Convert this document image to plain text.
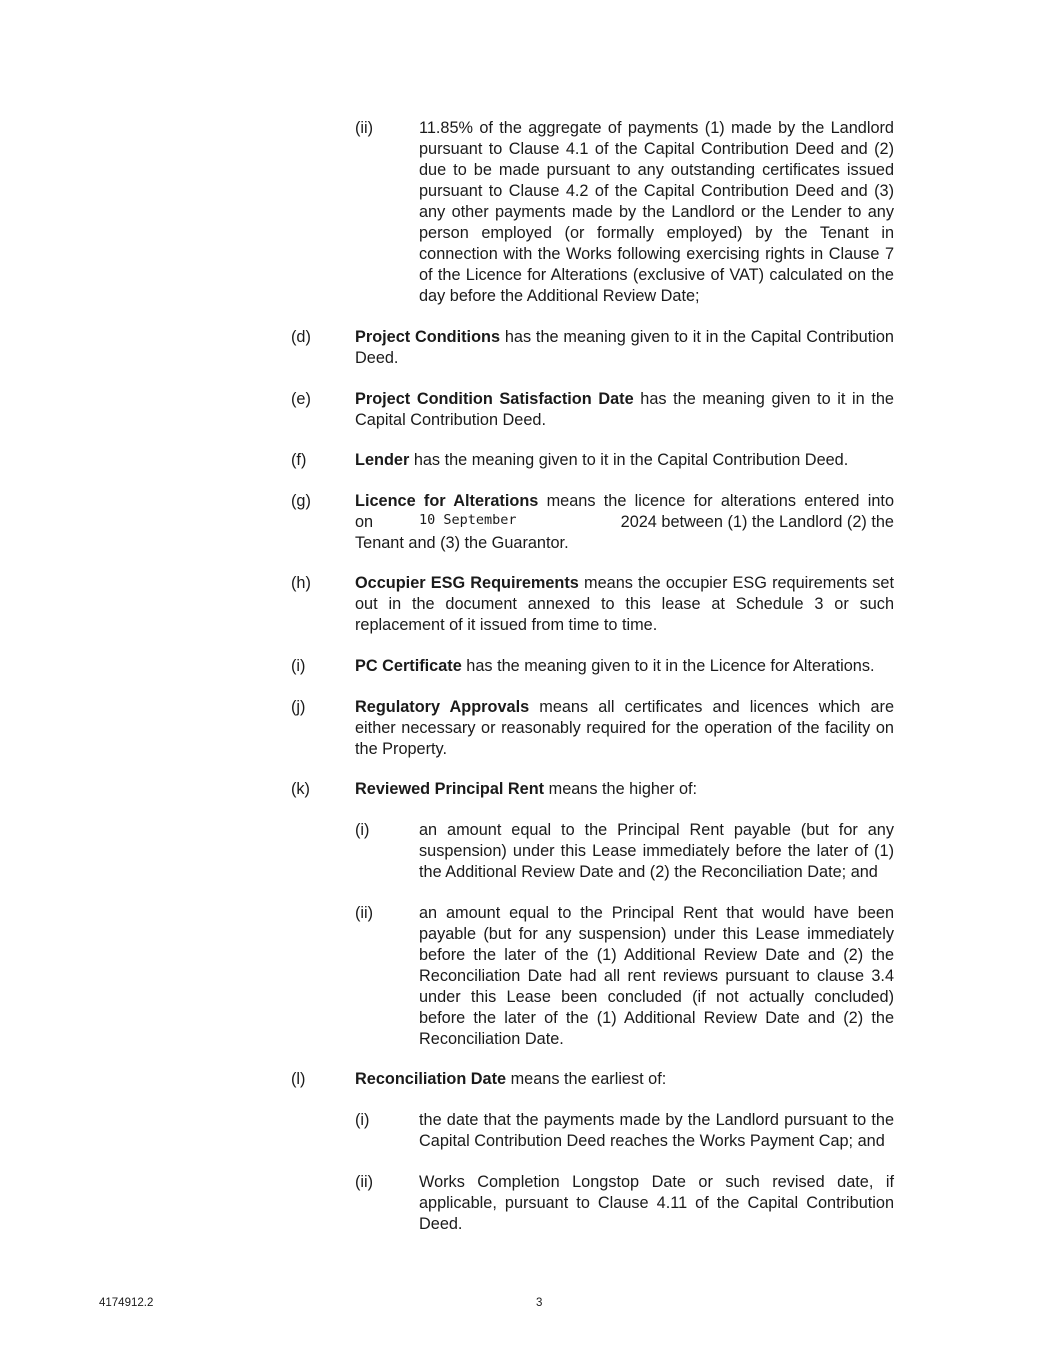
(ii)	11.85% of the aggregate of payments (1) made by the Landlord pursuant to Clause 4.1 of the Capital Contribution Deed and (2) due to be made pursuant to any outstanding certificates issued pursuant to Clause 4.2 of the Capital Contribution Deed and (3) any other payments made by the Landlord or the Lender to any person employed (or formally employed) by the Tenant in connection with the Works following exercising rights in Clause 7 of the Licence for Alterations (exclusive of VAT) calculated on the day before the Additional Review Date;
(d)	Project Conditions has the meaning given to it in the Capital Contribution Deed.
(e)	Project Condition Satisfaction Date has the meaning given to it in the Capital Contribution Deed.
(f)	Lender has the meaning given to it in the Capital Contribution Deed.
(g)	Licence for Alterations means the licence for alterations entered into
on	10 September	2024 between (1) the Landlord (2) the
Tenant and (3) the Guarantor.
(h)	Occupier ESG Requirements means the occupier ESG requirements set out in the document annexed to this lease at Schedule 3 or such replacement of it issued from time to time.
(i)	PC Certificate has the meaning given to it in the Licence for Alterations.
(j)	Regulatory Approvals means all certificates and licences which are either necessary or reasonably required for the operation of the facility on the Property.
(k)	Reviewed Principal Rent means the higher of:
(i)	an amount equal to the Principal Rent payable (but for any suspension) under this Lease immediately before the later of (1) the Additional Review Date and (2) the Reconciliation Date; and
(ii)	an amount equal to the Principal Rent that would have been payable (but for any suspension) under this Lease immediately before the later of the (1) Additional Review Date and (2) the Reconciliation Date had all rent reviews pursuant to clause 3.4 under this Lease been concluded (if not actually concluded) before the later of the (1) Additional Review Date and (2) the Reconciliation Date.
(l)	Reconciliation Date means the earliest of:
(i)	the date that the payments made by the Landlord pursuant to the Capital Contribution Deed reaches the Works Payment Cap; and
(ii)	Works Completion Longstop Date or such revised date, if applicable, pursuant to Clause 4.11 of the Capital Contribution Deed.
4174912.2	3
